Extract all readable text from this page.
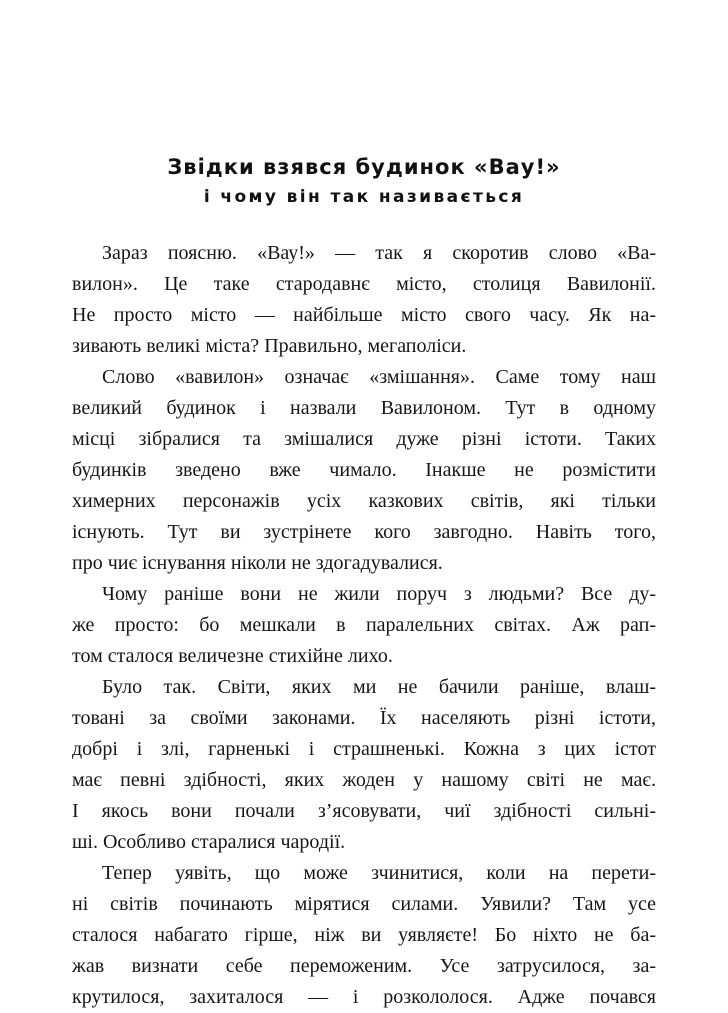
Звідки взявся будинок «Вау!»
і чому він так називається
Зараз поясню. «Вау!» — так я скоротив слово «Ва-
вилон». Це таке стародавнє місто, столиця Вавилонії.
Не просто місто — найбільше місто свого часу. Як на-
зивають великі міста? Правильно, мегаполіси.
Слово «вавилон» означає «змішання». Саме тому наш
великий будинок і назвали Вавилоном. Тут в одному
місці зібралися та змішалися дуже різні істоти. Таких
будинків зведено вже чимало. Інакше не розмістити
химерних персонажів усіх казкових світів, які тільки
існують. Тут ви зустрінете кого завгодно. Навіть того,
про чиє існування ніколи не здогадувалися.
Чому раніше вони не жили поруч з людьми? Все ду-
же просто: бо мешкали в паралельних світах. Аж рап-
том сталося величезне стихійне лихо.
Було так. Світи, яких ми не бачили раніше, влаш-
товані за своїми законами. Їх населяють різні істоти,
добрі і злі, гарненькі і страшненькі. Кожна з цих істот
має певні здібності, яких жоден у нашому світі не має.
І якось вони почали з’ясовувати, чиї здібності сильні-
ші. Особливо старалися чародії.
Тепер уявіть, що може зчинитися, коли на перети-
ні світів починають мірятися силами. Уявили? Там усе
сталося набагато гірше, ніж ви уявляєте! Бо ніхто не ба-
жав визнати себе переможеним. Усе затрусилося, за-
крутилося, захиталося — і розкололося. Адже почався
